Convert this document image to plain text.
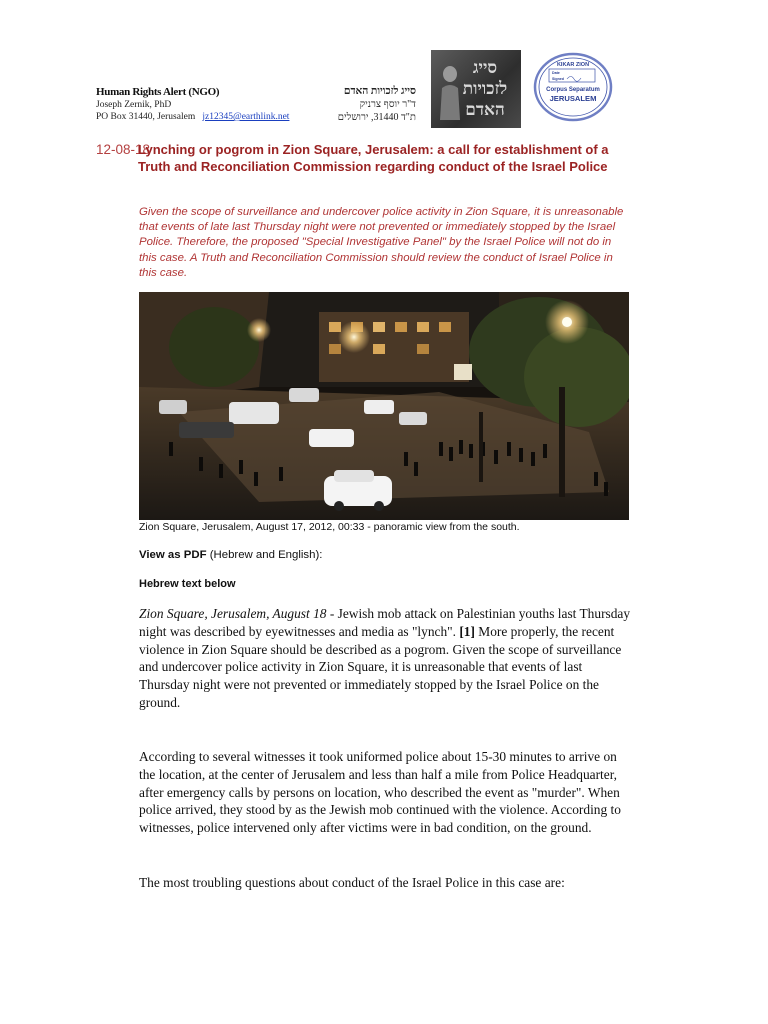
Human Rights Alert (NGO)
Joseph Zernik, PhD
PO Box 31440, Jerusalem jz12345@earthlink.net
סייג לזכויות האדם
ד"ר יוסף צרניק
ת"ד 31440, ירושלים
סייג לזכויות האדם
KIKAR ZION
Date
Signed
Corpus Separatum
JERUSALEM
12-08-18
Lynching or pogrom in Zion Square, Jerusalem: a call for establishment of a Truth and Reconciliation Commission regarding conduct of the Israel Police
Given the scope of surveillance and undercover police activity in Zion Square, it is unreasonable that events of late last Thursday night were not prevented or immediately stopped by the Israel Police. Therefore, the proposed "Special Investigative Panel" by the Israel Police will not do in this case. A Truth and Reconciliation Commission should review the conduct of Israel Police in this case.
Zion Square, Jerusalem, August 17, 2012, 00:33 - panoramic view from the south.
View as PDF (Hebrew and English):
Hebrew text below
Zion Square, Jerusalem, August 18 - Jewish mob attack on Palestinian youths last Thursday night was described by eyewitnesses and media as "lynch". [1] More properly, the recent violence in Zion Square should be described as a pogrom. Given the scope of surveillance and undercover police activity in Zion Square, it is unreasonable that events of last Thursday night were not prevented or immediately stopped by the Israel Police on the ground.
According to several witnesses it took uniformed police about 15-30 minutes to arrive on the location, at the center of Jerusalem and less than half a mile from Police Headquarter, after emergency calls by persons on location, who described the event as "murder". When police arrived, they stood by as the Jewish mob continued with the violence. According to witnesses, police intervened only after victims were in bad condition, on the ground.
The most troubling questions about conduct of the Israel Police in this case are:
